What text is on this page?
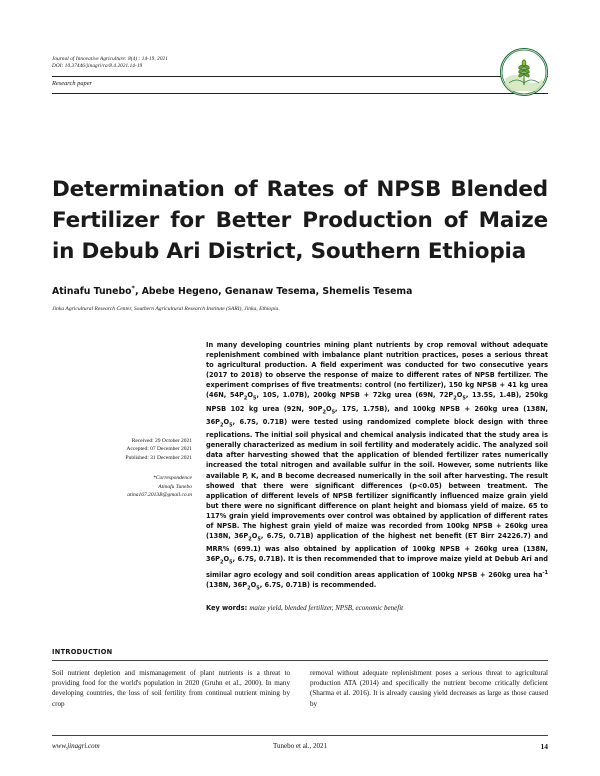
Journal of Innovative Agriculture: 8(4) : 14-19, 2021
DOI: 10.37446/jinagri/ra/8.4.2021.14-19
Research paper
Determination of Rates of NPSB Blended Fertilizer for Better Production of Maize in Debub Ari District, Southern Ethiopia
Atinafu Tunebo*, Abebe Hegeno, Genanaw Tesema, Shemelis Tesema
Jinka Agricultural Research Center, Southern Agricultural Research Institute (SARI), Jinka, Ethiopia.
Received: 29 October 2021
Accepted: 07 December 2021
Published: 31 December 2021
*Correspondence
Atinafu Tunebo
atina167.2013B@gmail.co.m
In many developing countries mining plant nutrients by crop removal without adequate replenishment combined with imbalance plant nutrition practices, poses a serious threat to agricultural production. A field experiment was conducted for two consecutive years (2017 to 2018) to observe the response of maize to different rates of NPSB fertilizer. The experiment comprises of five treatments: control (no fertilizer), 150 kg NPSB + 41 kg urea (46N, $54P_2O_5$, 10S, 1.07B), 200kg NPSB + 72kg urea (69N, $72P_2O_5$, 13.5S, 1.4B), 250kg NPSB 102 kg urea (92N, $90P_2O_5$, 17S, 1.75B), and 100kg NPSB + 260kg urea (138N, $36P_2O_5$, 6.7S, 0.71B) were tested using randomized complete block design with three replications. The initial soil physical and chemical analysis indicated that the study area is generally characterized as medium in soil fertility and moderately acidic. The analyzed soil data after harvesting showed that the application of blended fertilizer rates numerically increased the total nitrogen and available sulfur in the soil. However, some nutrients like available P, K, and B become decreased numerically in the soil after harvesting. The result showed that there were significant differences (p<0.05) between treatment. The application of different levels of NPSB fertilizer significantly influenced maize grain yield but there were no significant difference on plant height and biomass yield of maize. 65 to 117% grain yield improvements over control was obtained by application of different rates of NPSB. The highest grain yield of maize was recorded from 100kg NPSB + 260kg urea (138N, $36P_2O_5$, 6.7S, 0.71B) application of the highest net benefit (ET Birr 24226.7) and MRR% (699.1) was also obtained by application of 100kg NPSB + 260kg urea (138N, $36P_2O_5$, 6.7S, 0.71B). It is then recommended that to improve maize yield at Debub Ari and similar agro ecology and soil condition areas application of 100kg NPSB + 260kg urea $ha^{-1}$ (138N, $36P_2O_5$, 6.7S, 0.71B) is recommended.
Key words: maize yield, blended fertilizer, NPSB, economic benefit
INTRODUCTION
Soil nutrient depletion and mismanagement of plant nutrients is a threat to providing food for the world's population in 2020 (Gruhn et al., 2000). In many developing countries, the loss of soil fertility from continual nutrient mining by crop
removal without adequate replenishment poses a serious threat to agricultural production ATA (2014) and specifically the nutrient become critically deficient (Sharma et al. 2016). It is already causing yield decreases as large as those caused by
Tunebo et al., 2021
www.jinagri.com	14
